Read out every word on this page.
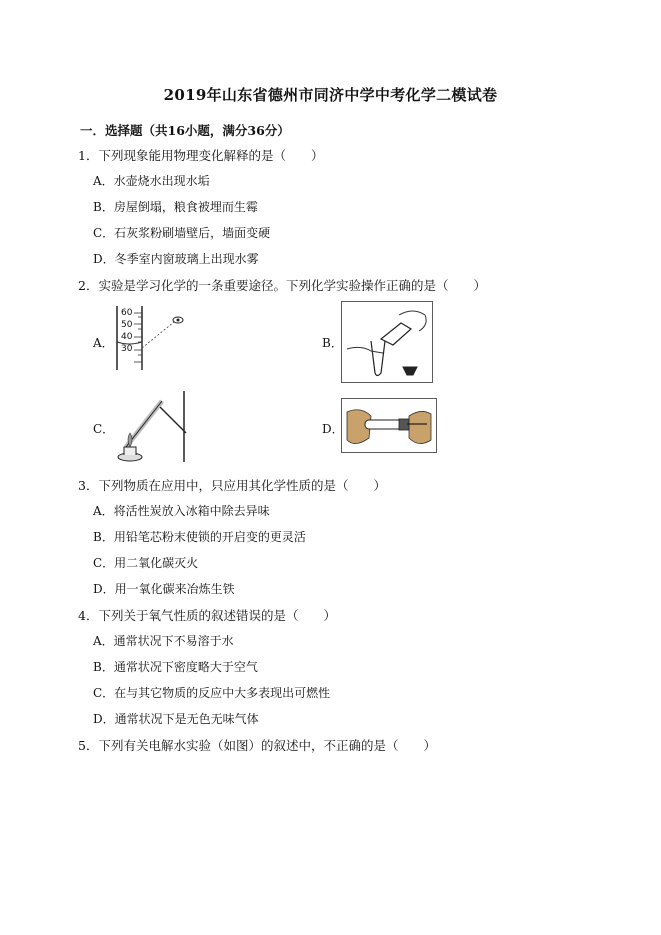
2019年山东省德州市同济中学中考化学二模试卷
一．选择题（共16小题，满分36分）
1．下列现象能用物理变化解释的是（　　）
A．水壶烧水出现水垢
B．房屋倒塌，粮食被埋而生霉
C．石灰浆粉刷墙壁后，墙面变硬
D．冬季室内窗玻璃上出现水雾
2．实验是学习化学的一条重要途径。下列化学实验操作正确的是（　　）
A．
60
50
40
30	B．
C．	D．
3．下列物质在应用中，只应用其化学性质的是（　　）
A．将活性炭放入冰箱中除去异味
B．用铅笔芯粉末使锁的开启变的更灵活
C．用二氧化碳灭火
D．用一氧化碳来冶炼生铁
4．下列关于氧气性质的叙述错误的是（　　）
A．通常状况下不易溶于水
B．通常状况下密度略大于空气
C．在与其它物质的反应中大多表现出可燃性
D．通常状况下是无色无味气体
5．下列有关电解水实验（如图）的叙述中，不正确的是（　　）
